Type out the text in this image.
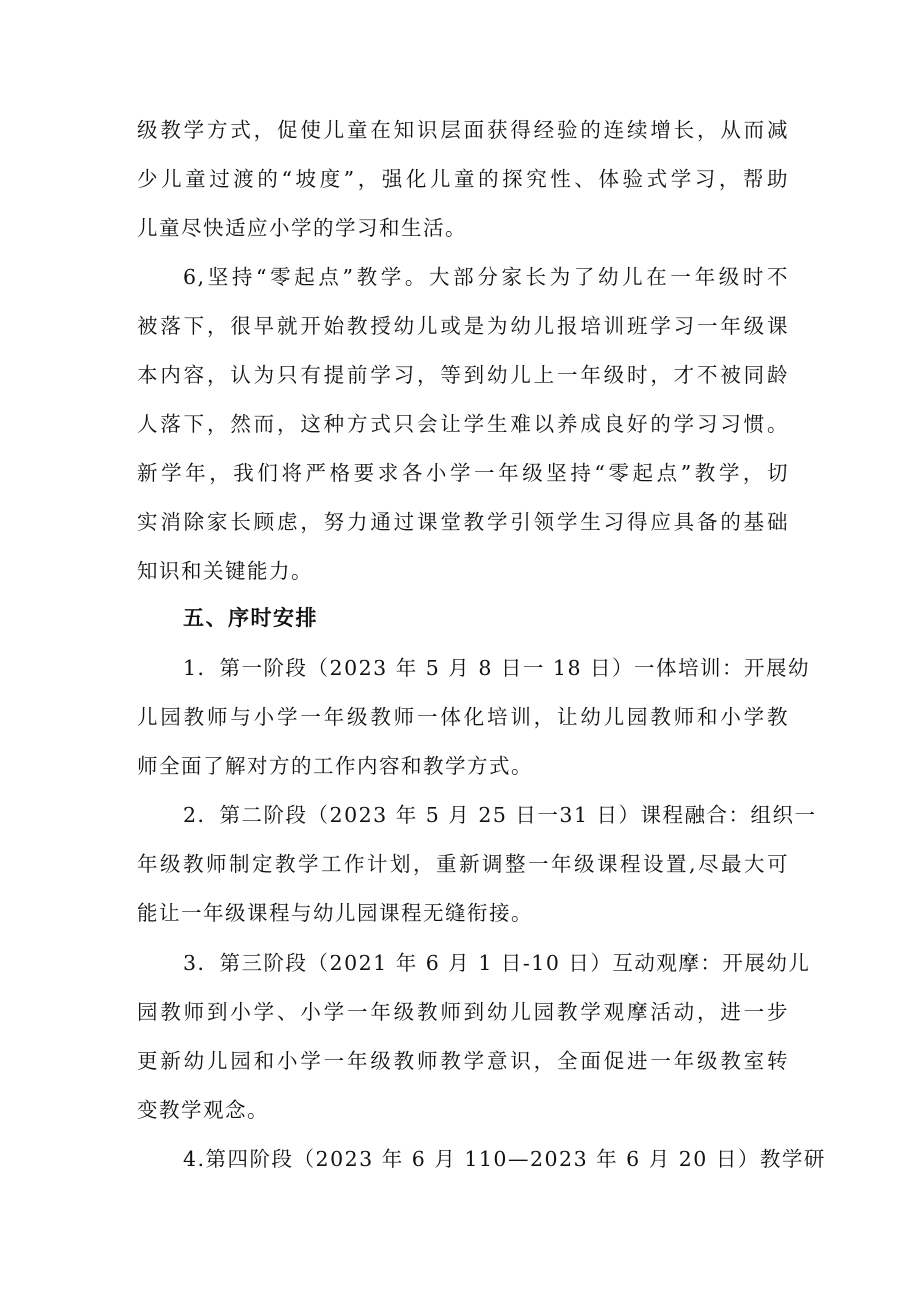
级教学方式，促使儿童在知识层面获得经验的连续增长，从而减
少儿童过渡的“坡度”，强化儿童的探究性、体验式学习，帮助
儿童尽快适应小学的学习和生活。
6,坚持“零起点”教学。大部分家长为了幼儿在一年级时不
被落下，很早就开始教授幼儿或是为幼儿报培训班学习一年级课
本内容，认为只有提前学习，等到幼儿上一年级时，才不被同龄
人落下，然而，这种方式只会让学生难以养成良好的学习习惯。
新学年，我们将严格要求各小学一年级坚持“零起点”教学，切
实消除家长顾虑，努力通过课堂教学引领学生习得应具备的基础
知识和关键能力。
五、序时安排
1．第一阶段（2023 年 5 月 8 日一 18 日）一体培训：开展幼
儿园教师与小学一年级教师一体化培训，让幼儿园教师和小学教
师全面了解对方的工作内容和教学方式。
2．第二阶段（2023 年 5 月 25 日一31 日）课程融合：组织一
年级教师制定教学工作计划，重新调整一年级课程设置,尽最大可
能让一年级课程与幼儿园课程无缝衔接。
3．第三阶段（2021 年 6 月 1 日-10 日）互动观摩：开展幼儿
园教师到小学、小学一年级教师到幼儿园教学观摩活动，进一步
更新幼儿园和小学一年级教师教学意识，全面促进一年级教室转
变教学观念。
4.第四阶段（2023 年 6 月 110—2023 年 6 月 20 日）教学研
